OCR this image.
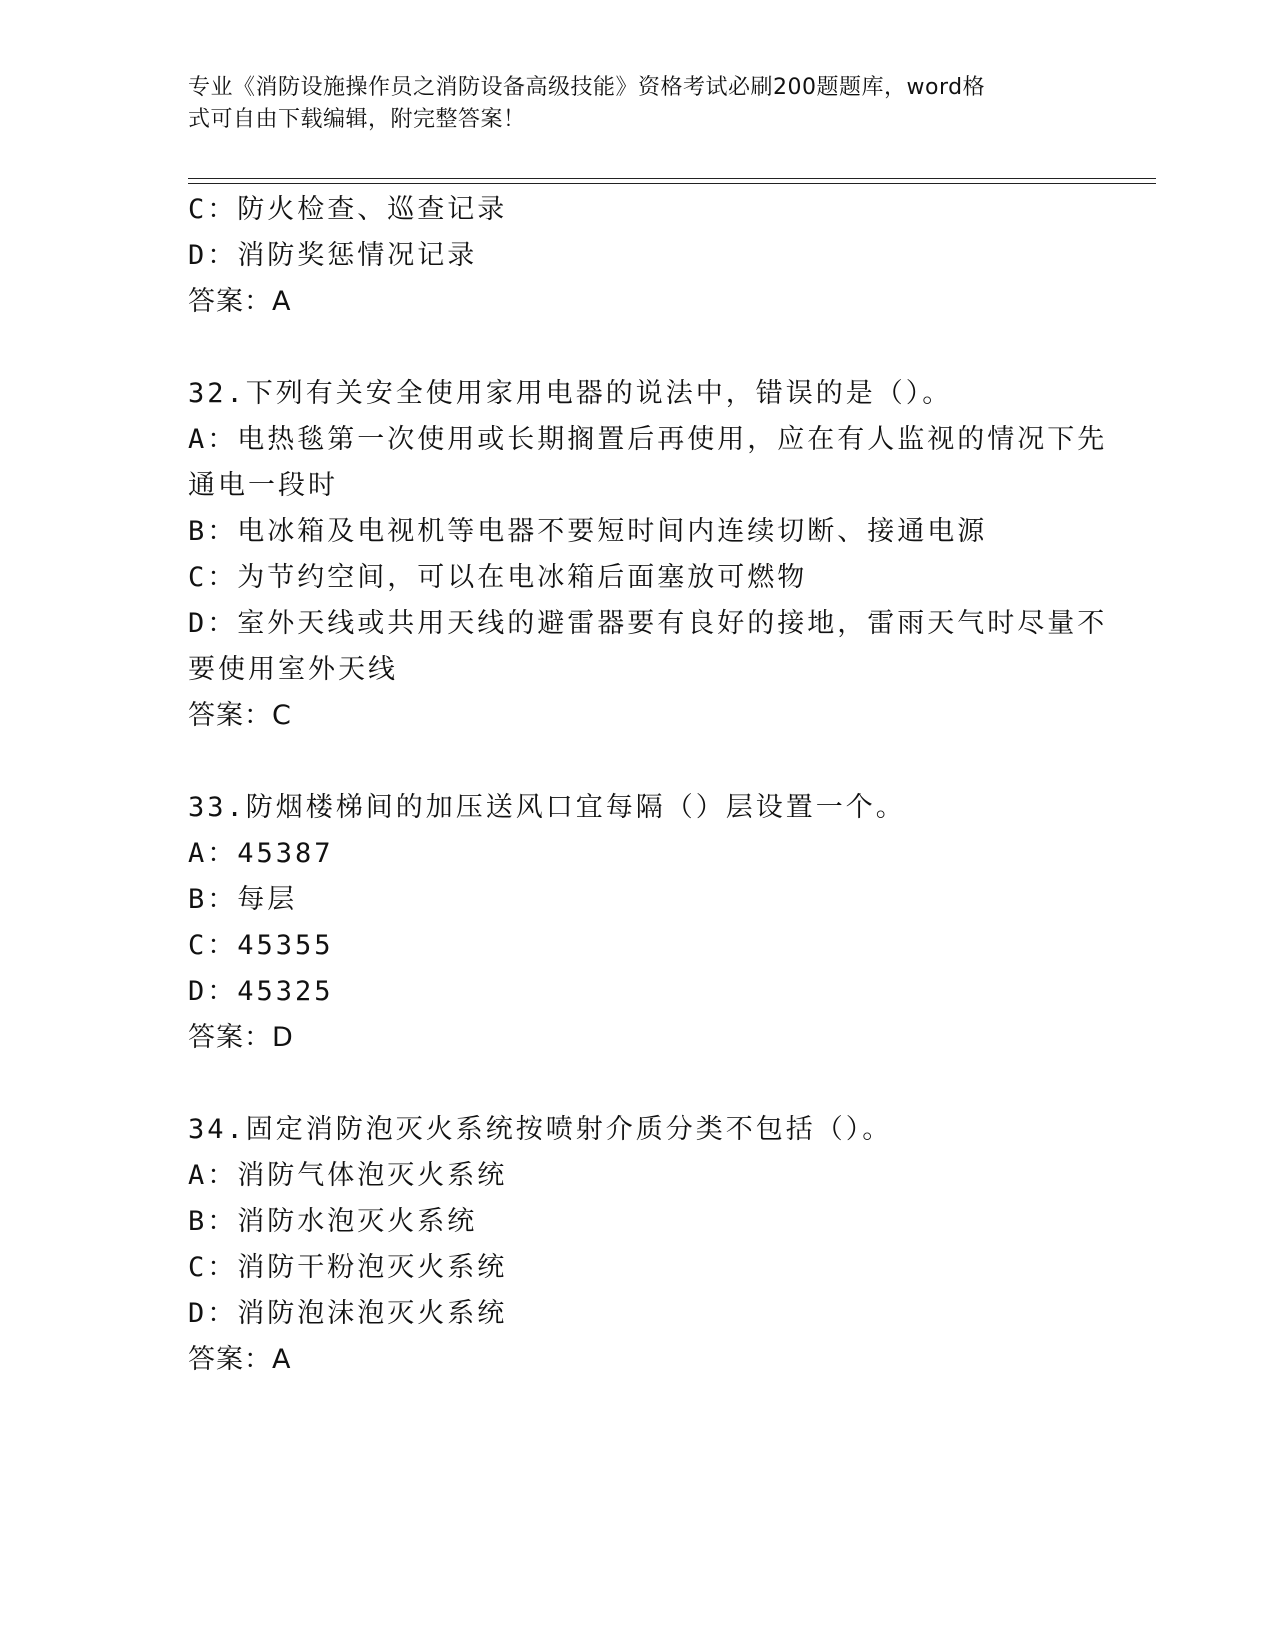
专业《消防设施操作员之消防设备高级技能》资格考试必刷200题题库，word格
式可自由下载编辑，附完整答案！
C：防火检查、巡查记录
D：消防奖惩情况记录
答案：A
32.下列有关安全使用家用电器的说法中，错误的是（）。
A：电热毯第一次使用或长期搁置后再使用，应在有人监视的情况下先
通电一段时
B：电冰箱及电视机等电器不要短时间内连续切断、接通电源
C：为节约空间，可以在电冰箱后面塞放可燃物
D：室外天线或共用天线的避雷器要有良好的接地，雷雨天气时尽量不
要使用室外天线
答案：C
33.防烟楼梯间的加压送风口宜每隔（）层设置一个。
A：45387
B：每层
C：45355
D：45325
答案：D
34.固定消防泡灭火系统按喷射介质分类不包括（）。
A：消防气体泡灭火系统
B：消防水泡灭火系统
C：消防干粉泡灭火系统
D：消防泡沫泡灭火系统
答案：A
